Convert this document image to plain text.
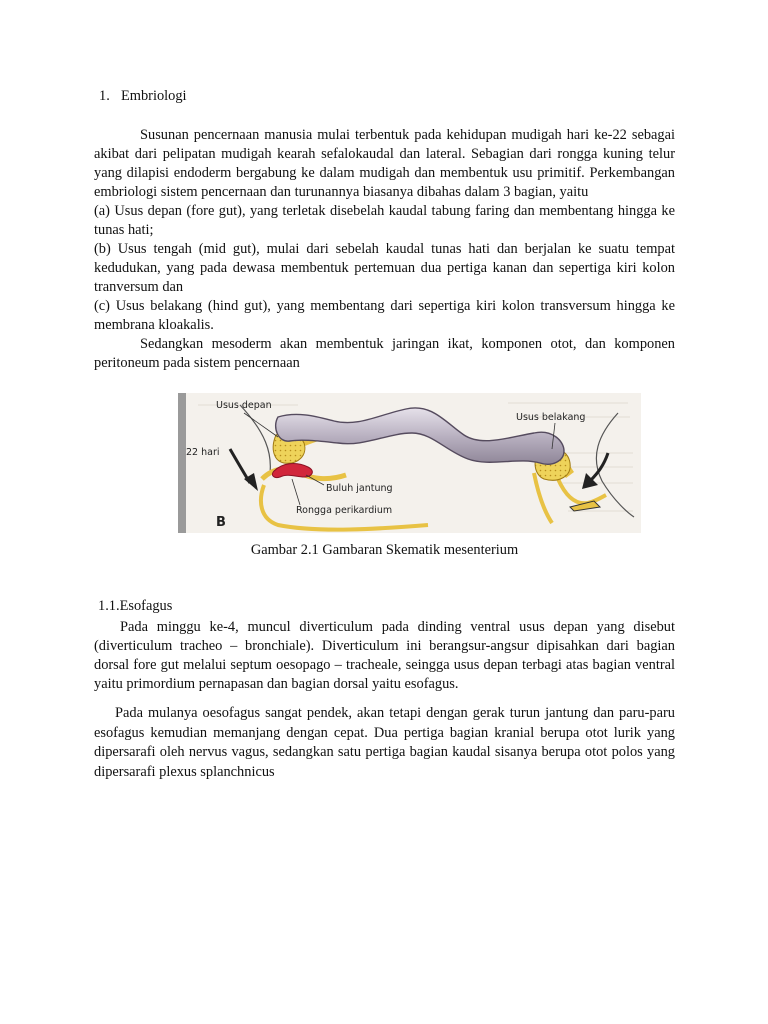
1. Embriologi

Susunan pencernaan manusia mulai terbentuk pada kehidupan mudigah hari ke-22 sebagai akibat dari pelipatan mudigah kearah sefalokaudal dan lateral. Sebagian dari rongga kuning telur yang dilapisi endoderm bergabung ke dalam mudigah dan membentuk usu primitif. Perkembangan embriologi sistem pencernaan dan turunannya biasanya dibahas dalam 3 bagian, yaitu

(a) Usus depan (fore gut), yang terletak disebelah kaudal tabung faring dan membentang hingga ke tunas hati;

(b) Usus tengah (mid gut), mulai dari sebelah kaudal tunas hati dan berjalan ke suatu tempat kedudukan, yang pada dewasa membentuk pertemuan dua pertiga kanan dan sepertiga kiri kolon tranversum dan

(c) Usus belakang (hind gut), yang membentang dari sepertiga kiri kolon transversum hingga ke membrana kloakalis.

Sedangkan mesoderm akan membentuk jaringan ikat, komponen otot, dan komponen peritoneum pada sistem pencernaan

Usus depan
Usus belakang
22 hari
Buluh jantung
Rongga perikardium
B
Gambar 2.1 Gambaran Skematik mesenterium
1.1.Esofagus

Pada minggu ke-4, muncul diverticulum pada dinding ventral usus depan yang disebut (diverticulum tracheo – bronchiale). Diverticulum ini berangsur-angsur dipisahkan dari bagian dorsal fore gut melalui septum oesopago – tracheale, seingga usus depan terbagi atas bagian ventral yaitu primordium pernapasan dan bagian dorsal yaitu esofagus.

Pada mulanya oesofagus sangat pendek, akan tetapi dengan gerak turun jantung dan paru-paru esofagus kemudian memanjang dengan cepat. Dua pertiga bagian kranial berupa otot lurik yang dipersarafi oleh nervus vagus, sedangkan satu pertiga bagian kaudal sisanya berupa otot polos yang dipersarafi plexus splanchnicus
